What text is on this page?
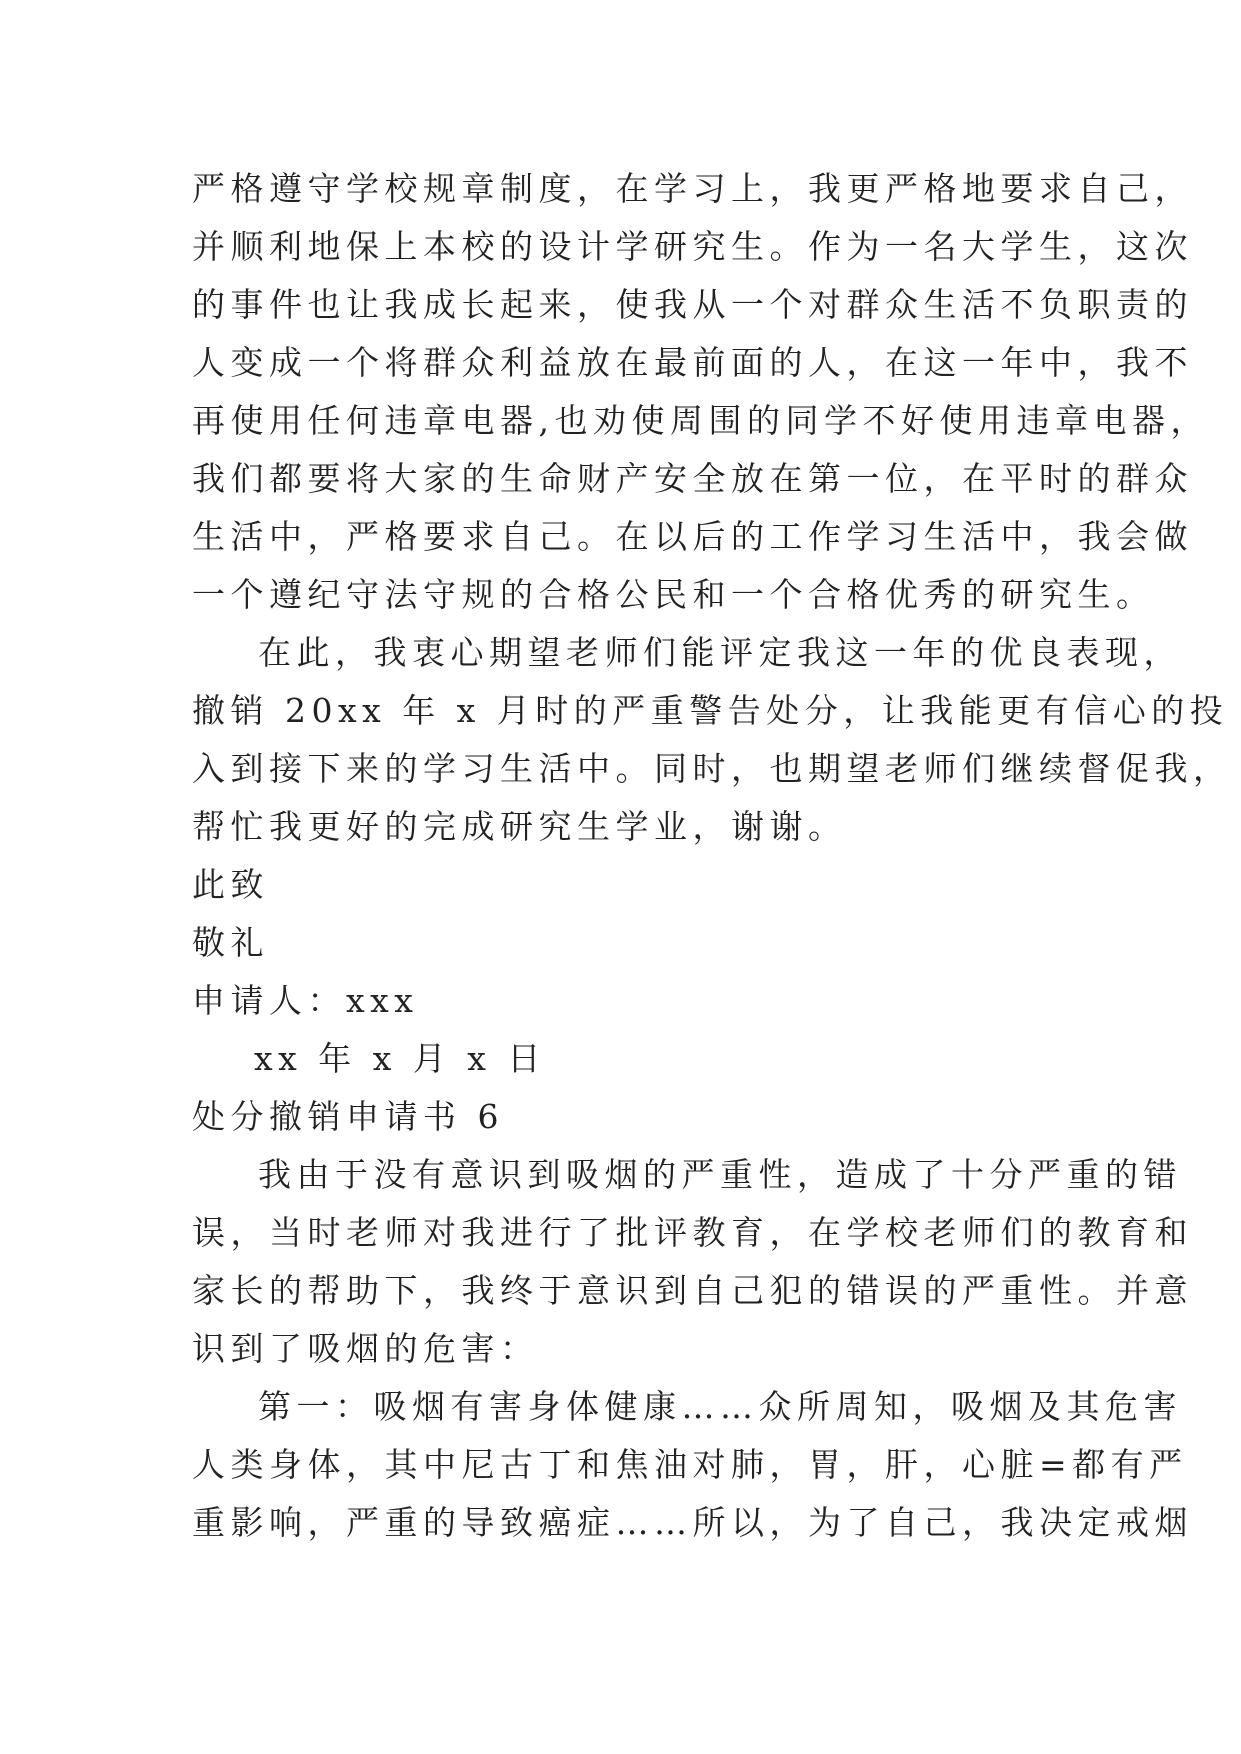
严格遵守学校规章制度，在学习上，我更严格地要求自己，
并顺利地保上本校的设计学研究生。作为一名大学生，这次
的事件也让我成长起来，使我从一个对群众生活不负职责的
人变成一个将群众利益放在最前面的人，在这一年中，我不
再使用任何违章电器,也劝使周围的同学不好使用违章电器，
我们都要将大家的生命财产安全放在第一位，在平时的群众
生活中，严格要求自己。在以后的工作学习生活中，我会做
一个遵纪守法守规的合格公民和一个合格优秀的研究生。
在此，我衷心期望老师们能评定我这一年的优良表现，
撤销 20xx 年 x 月时的严重警告处分，让我能更有信心的投
入到接下来的学习生活中。同时，也期望老师们继续督促我，
帮忙我更好的完成研究生学业，谢谢。
此致
敬礼
申请人：xxx
xx 年 x 月 x 日
处分撤销申请书 6
我由于没有意识到吸烟的严重性，造成了十分严重的错
误，当时老师对我进行了批评教育，在学校老师们的教育和
家长的帮助下，我终于意识到自己犯的错误的严重性。并意
识到了吸烟的危害：
第一：吸烟有害身体健康……众所周知，吸烟及其危害
人类身体，其中尼古丁和焦油对肺，胃，肝，心脏=都有严
重影响，严重的导致癌症……所以，为了自己，我决定戒烟
